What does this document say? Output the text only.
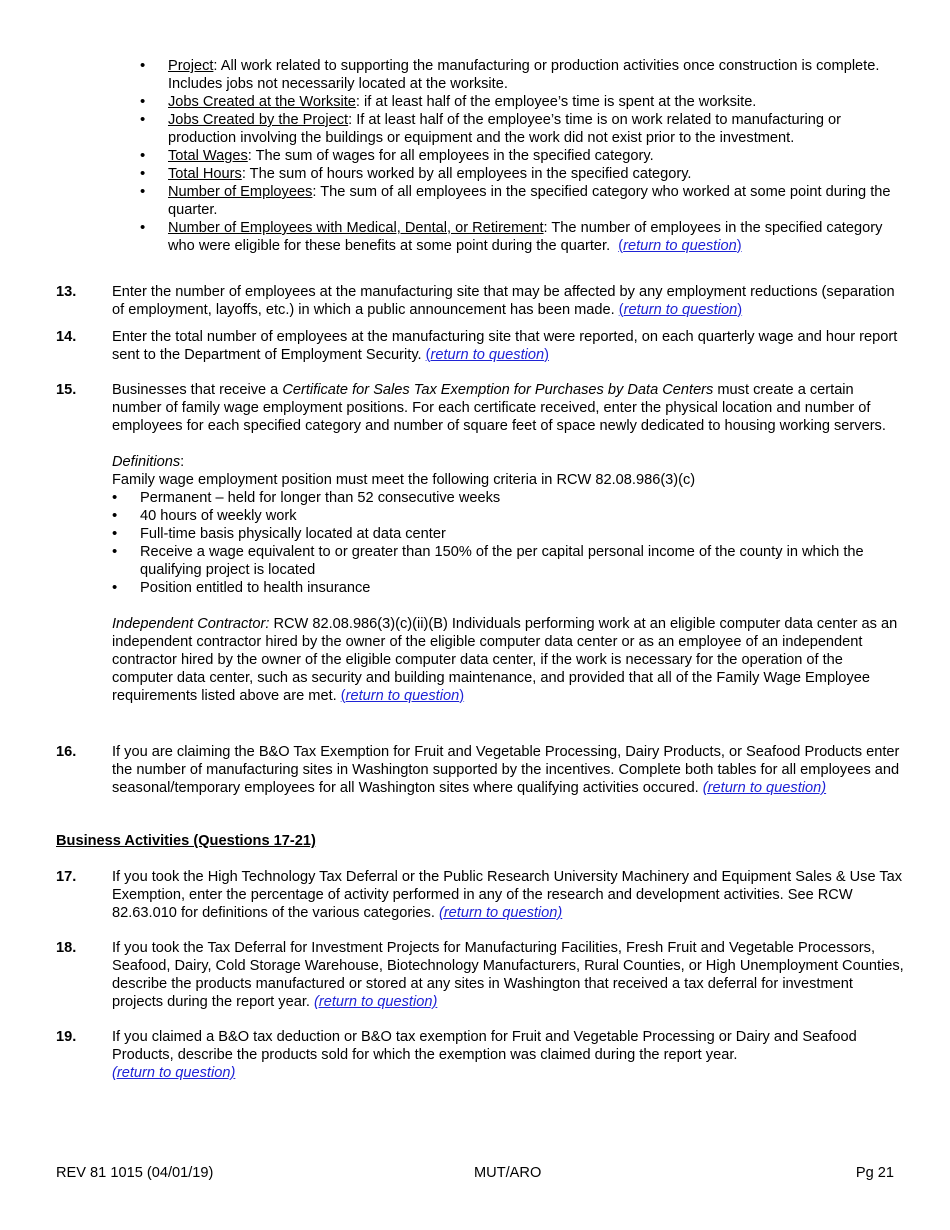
• Project: All work related to supporting the manufacturing or production activities once construction is complete. Includes jobs not necessarily located at the worksite.
• Jobs Created at the Worksite: if at least half of the employee’s time is spent at the worksite.
• Jobs Created by the Project: If at least half of the employee’s time is on work related to manufacturing or production involving the buildings or equipment and the work did not exist prior to the investment.
• Total Wages: The sum of wages for all employees in the specified category.
• Total Hours: The sum of hours worked by all employees in the specified category.
• Number of Employees: The sum of all employees in the specified category who worked at some point during the quarter.
• Number of Employees with Medical, Dental, or Retirement: The number of employees in the specified category who were eligible for these benefits at some point during the quarter. (return to question)
13.	Enter the number of employees at the manufacturing site that may be affected by any employment reductions (separation of employment, layoffs, etc.) in which a public announcement has been made. (return to question)
14.	Enter the total number of employees at the manufacturing site that were reported, on each quarterly wage and hour report sent to the Department of Employment Security. (return to question)
15.	Businesses that receive a Certificate for Sales Tax Exemption for Purchases by Data Centers must create a certain number of family wage employment positions. For each certificate received, enter the physical location and number of employees for each specified category and number of square feet of space newly dedicated to housing working servers.

Definitions:

Family wage employment position must meet the following criteria in RCW 82.08.986(3)(c)

• Permanent – held for longer than 52 consecutive weeks
• 40 hours of weekly work
• Full-time basis physically located at data center
• Receive a wage equivalent to or greater than 150% of the per capital personal income of the county in which the qualifying project is located
• Position entitled to health insurance

Independent Contractor: RCW 82.08.986(3)(c)(ii)(B) Individuals performing work at an eligible computer data center as an independent contractor hired by the owner of the eligible computer data center or as an employee of an independent contractor hired by the owner of the eligible computer data center, if the work is necessary for the operation of the computer data center, such as security and building maintenance, and provided that all of the Family Wage Employee requirements listed above are met. (return to question)

16.	If you are claiming the B&O Tax Exemption for Fruit and Vegetable Processing, Dairy Products, or Seafood Products enter the number of manufacturing sites in Washington supported by the incentives. Complete both tables for all employees and seasonal/temporary employees for all Washington sites where qualifying activities occured. (return to question)
Business Activities (Questions 17-21)
17.	If you took the High Technology Tax Deferral or the Public Research University Machinery and Equipment Sales & Use Tax Exemption, enter the percentage of activity performed in any of the research and development activities. See RCW 82.63.010 for definitions of the various categories. (return to question)
18.	If you took the Tax Deferral for Investment Projects for Manufacturing Facilities, Fresh Fruit and Vegetable Processors, Seafood, Dairy, Cold Storage Warehouse, Biotechnology Manufacturers, Rural Counties, or High Unemployment Counties, describe the products manufactured or stored at any sites in Washington that received a tax deferral for investment projects during the report year. (return to question)
19.	If you claimed a B&O tax deduction or B&O tax exemption for Fruit and Vegetable Processing or Dairy and Seafood Products, describe the products sold for which the exemption was claimed during the report year.
(return to question)
REV 81 1015 (04/01/19)	MUT/ARO	Pg 21
